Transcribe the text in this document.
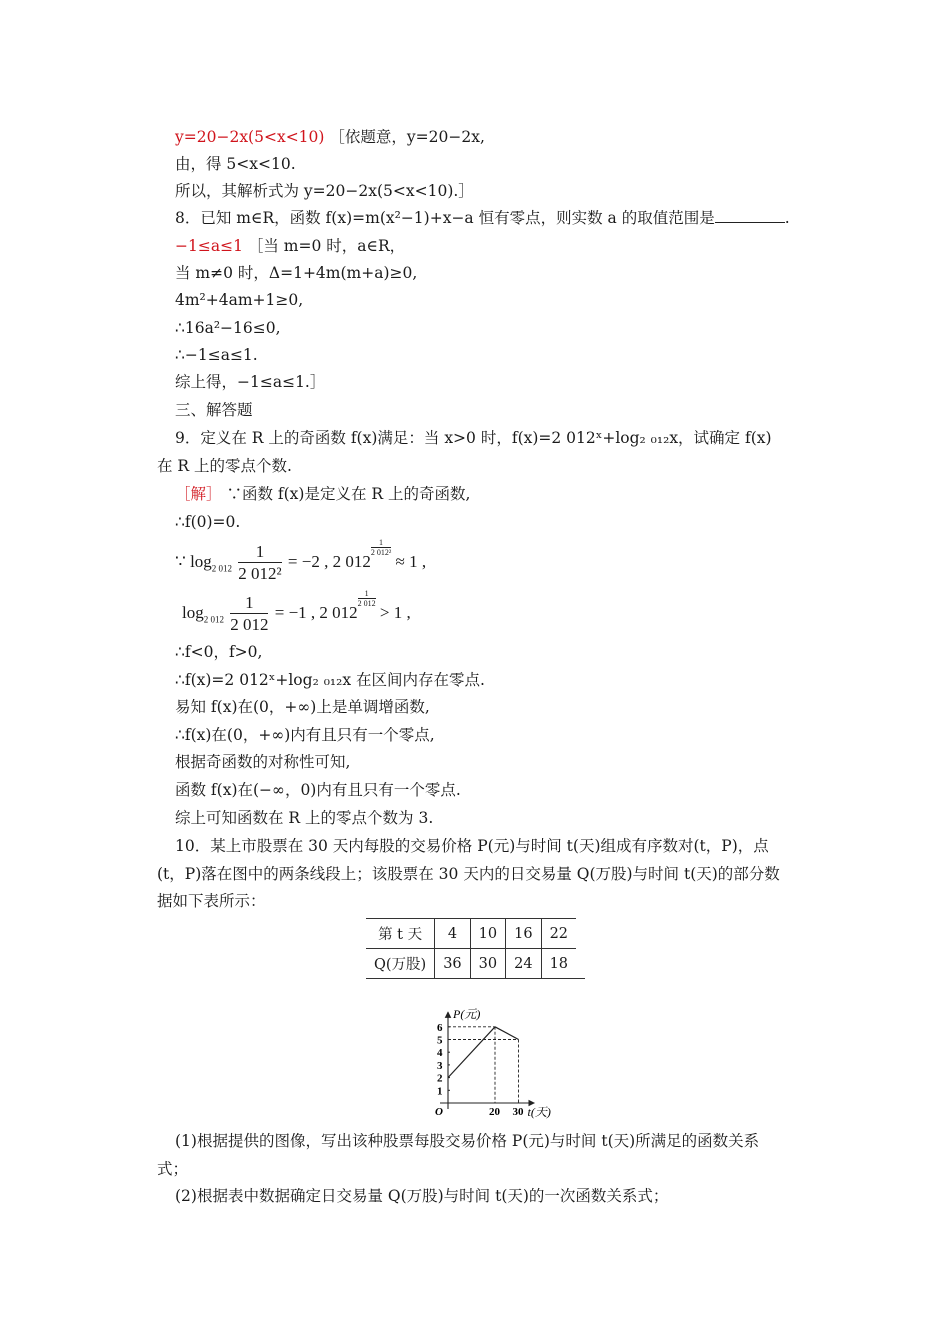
y=20−2x(5<x<10) ［依题意，y=20−2x,
由，得 5<x<10.
所以，其解析式为 y=20−2x(5<x<10).］
8．已知 m∈R，函数 f(x)=m(x²−1)+x−a 恒有零点，则实数 a 的取值范围是	.
−1≤a≤1 ［当 m=0 时，a∈R，
当 m≠0 时，Δ=1+4m(m+a)≥0,
4m²+4am+1≥0,
∴16a²−16≤0,
∴−1≤a≤1.
综上得，−1≤a≤1.］
三、解答题
9．定义在 R 上的奇函数 f(x)满足：当 x>0 时，f(x)=2 012ˣ+log₂ ₀₁₂x，试确定 f(x)
在 R 上的零点个数.
［解］ ∵函数 f(x)是定义在 R 上的奇函数,
∴f(0)=0.
∵ $\log_{2 012} \frac{1}{\text{2 012²}} = -2$ , 2 012
$\frac{1}{\text{2 012²}} \approx 1$ ,
$\log_{2 012} \frac{1}{2 012} = -1$ , 2 012
$\frac{1}{2 012} > 1$ ,
∴f<0，f>0,
∴f(x)=2 012ˣ+log₂ ₀₁₂x 在区间内存在零点.
易知 f(x)在(0，+∞)上是单调增函数,
∴f(x)在(0，+∞)内有且只有一个零点,
根据奇函数的对称性可知,
函数 f(x)在(−∞，0)内有且只有一个零点.
综上可知函数在 R 上的零点个数为 3.
10．某上市股票在 30 天内每股的交易价格 P(元)与时间 t(天)组成有序数对(t，P)，点
(t，P)落在图中的两条线段上；该股票在 30 天内的日交易量 Q(万股)与时间 t(天)的部分数
据如下表所示：
第 t 天	4	10	16	22
Q(万股)	36	30	24	18
P(元)
t(天)
O
1
2
3
4
5
6
20 30
(1)根据提供的图像，写出该种股票每股交易价格 P(元)与时间 t(天)所满足的函数关系
式；
(2)根据表中数据确定日交易量 Q(万股)与时间 t(天)的一次函数关系式；
